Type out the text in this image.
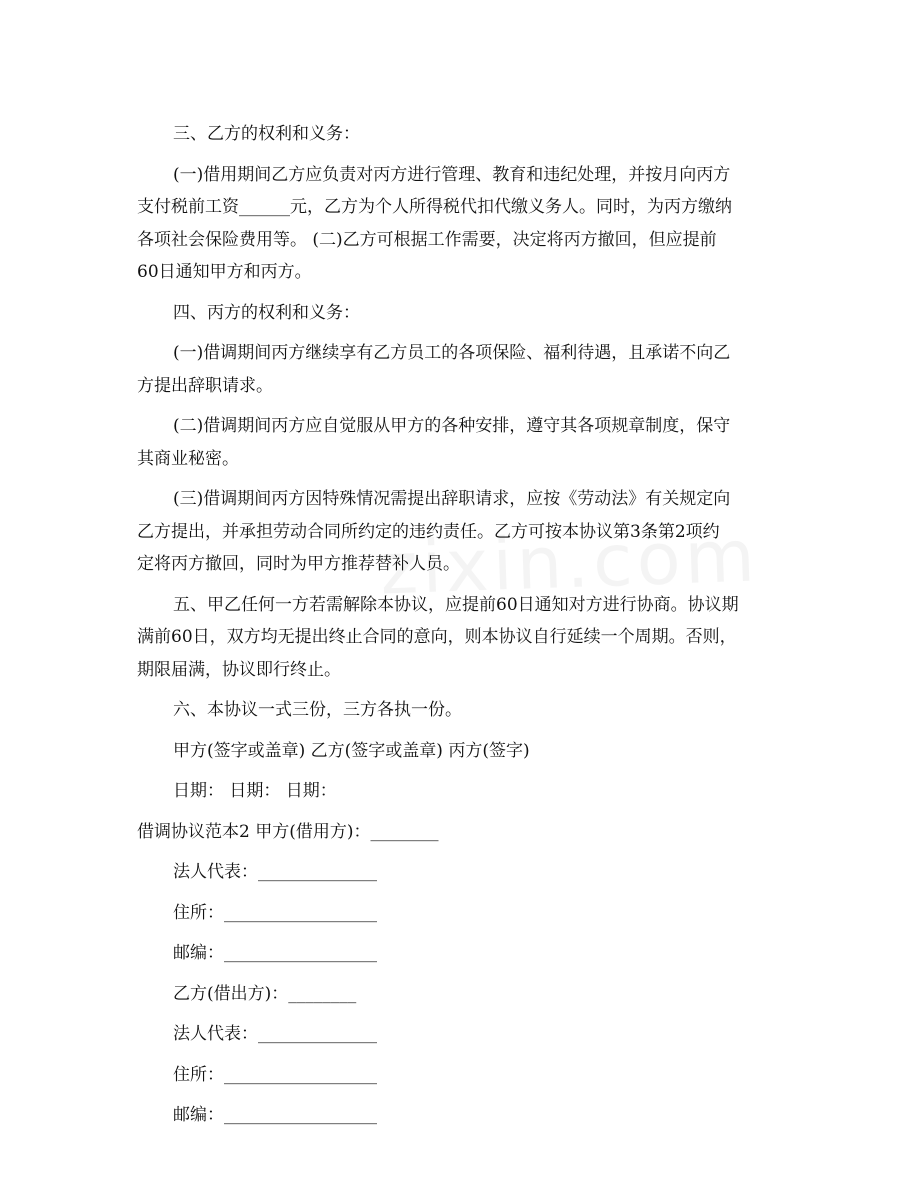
三、乙方的权利和义务：

(一)借用期间乙方应负责对丙方进行管理、教育和违纪处理，并按月向丙方

支付税前工资______元，乙方为个人所得税代扣代缴义务人。同时，为丙方缴纳

各项社会保险费用等。 (二)乙方可根据工作需要，决定将丙方撤回，但应提前

60日通知甲方和丙方。

四、丙方的权利和义务：

(一)借调期间丙方继续享有乙方员工的各项保险、福利待遇，且承诺不向乙

方提出辞职请求。

(二)借调期间丙方应自觉服从甲方的各种安排，遵守其各项规章制度，保守

其商业秘密。

(三)借调期间丙方因特殊情况需提出辞职请求，应按《劳动法》有关规定向

乙方提出，并承担劳动合同所约定的违约责任。乙方可按本协议第3条第2项约

定将丙方撤回，同时为甲方推荐替补人员。

五、甲乙任何一方若需解除本协议，应提前60日通知对方进行协商。协议期

满前60日，双方均无提出终止合同的意向，则本协议自行延续一个周期。否则，

期限届满，协议即行终止。

六、本协议一式三份，三方各执一份。

甲方(签字或盖章) 乙方(签字或盖章) 丙方(签字)

日期： 日期： 日期：

借调协议范本2 甲方(借用方)：________

法人代表：______________

住所：__________________

邮编：__________________

乙方(借出方)：________

法人代表：______________

住所：__________________

邮编：__________________
